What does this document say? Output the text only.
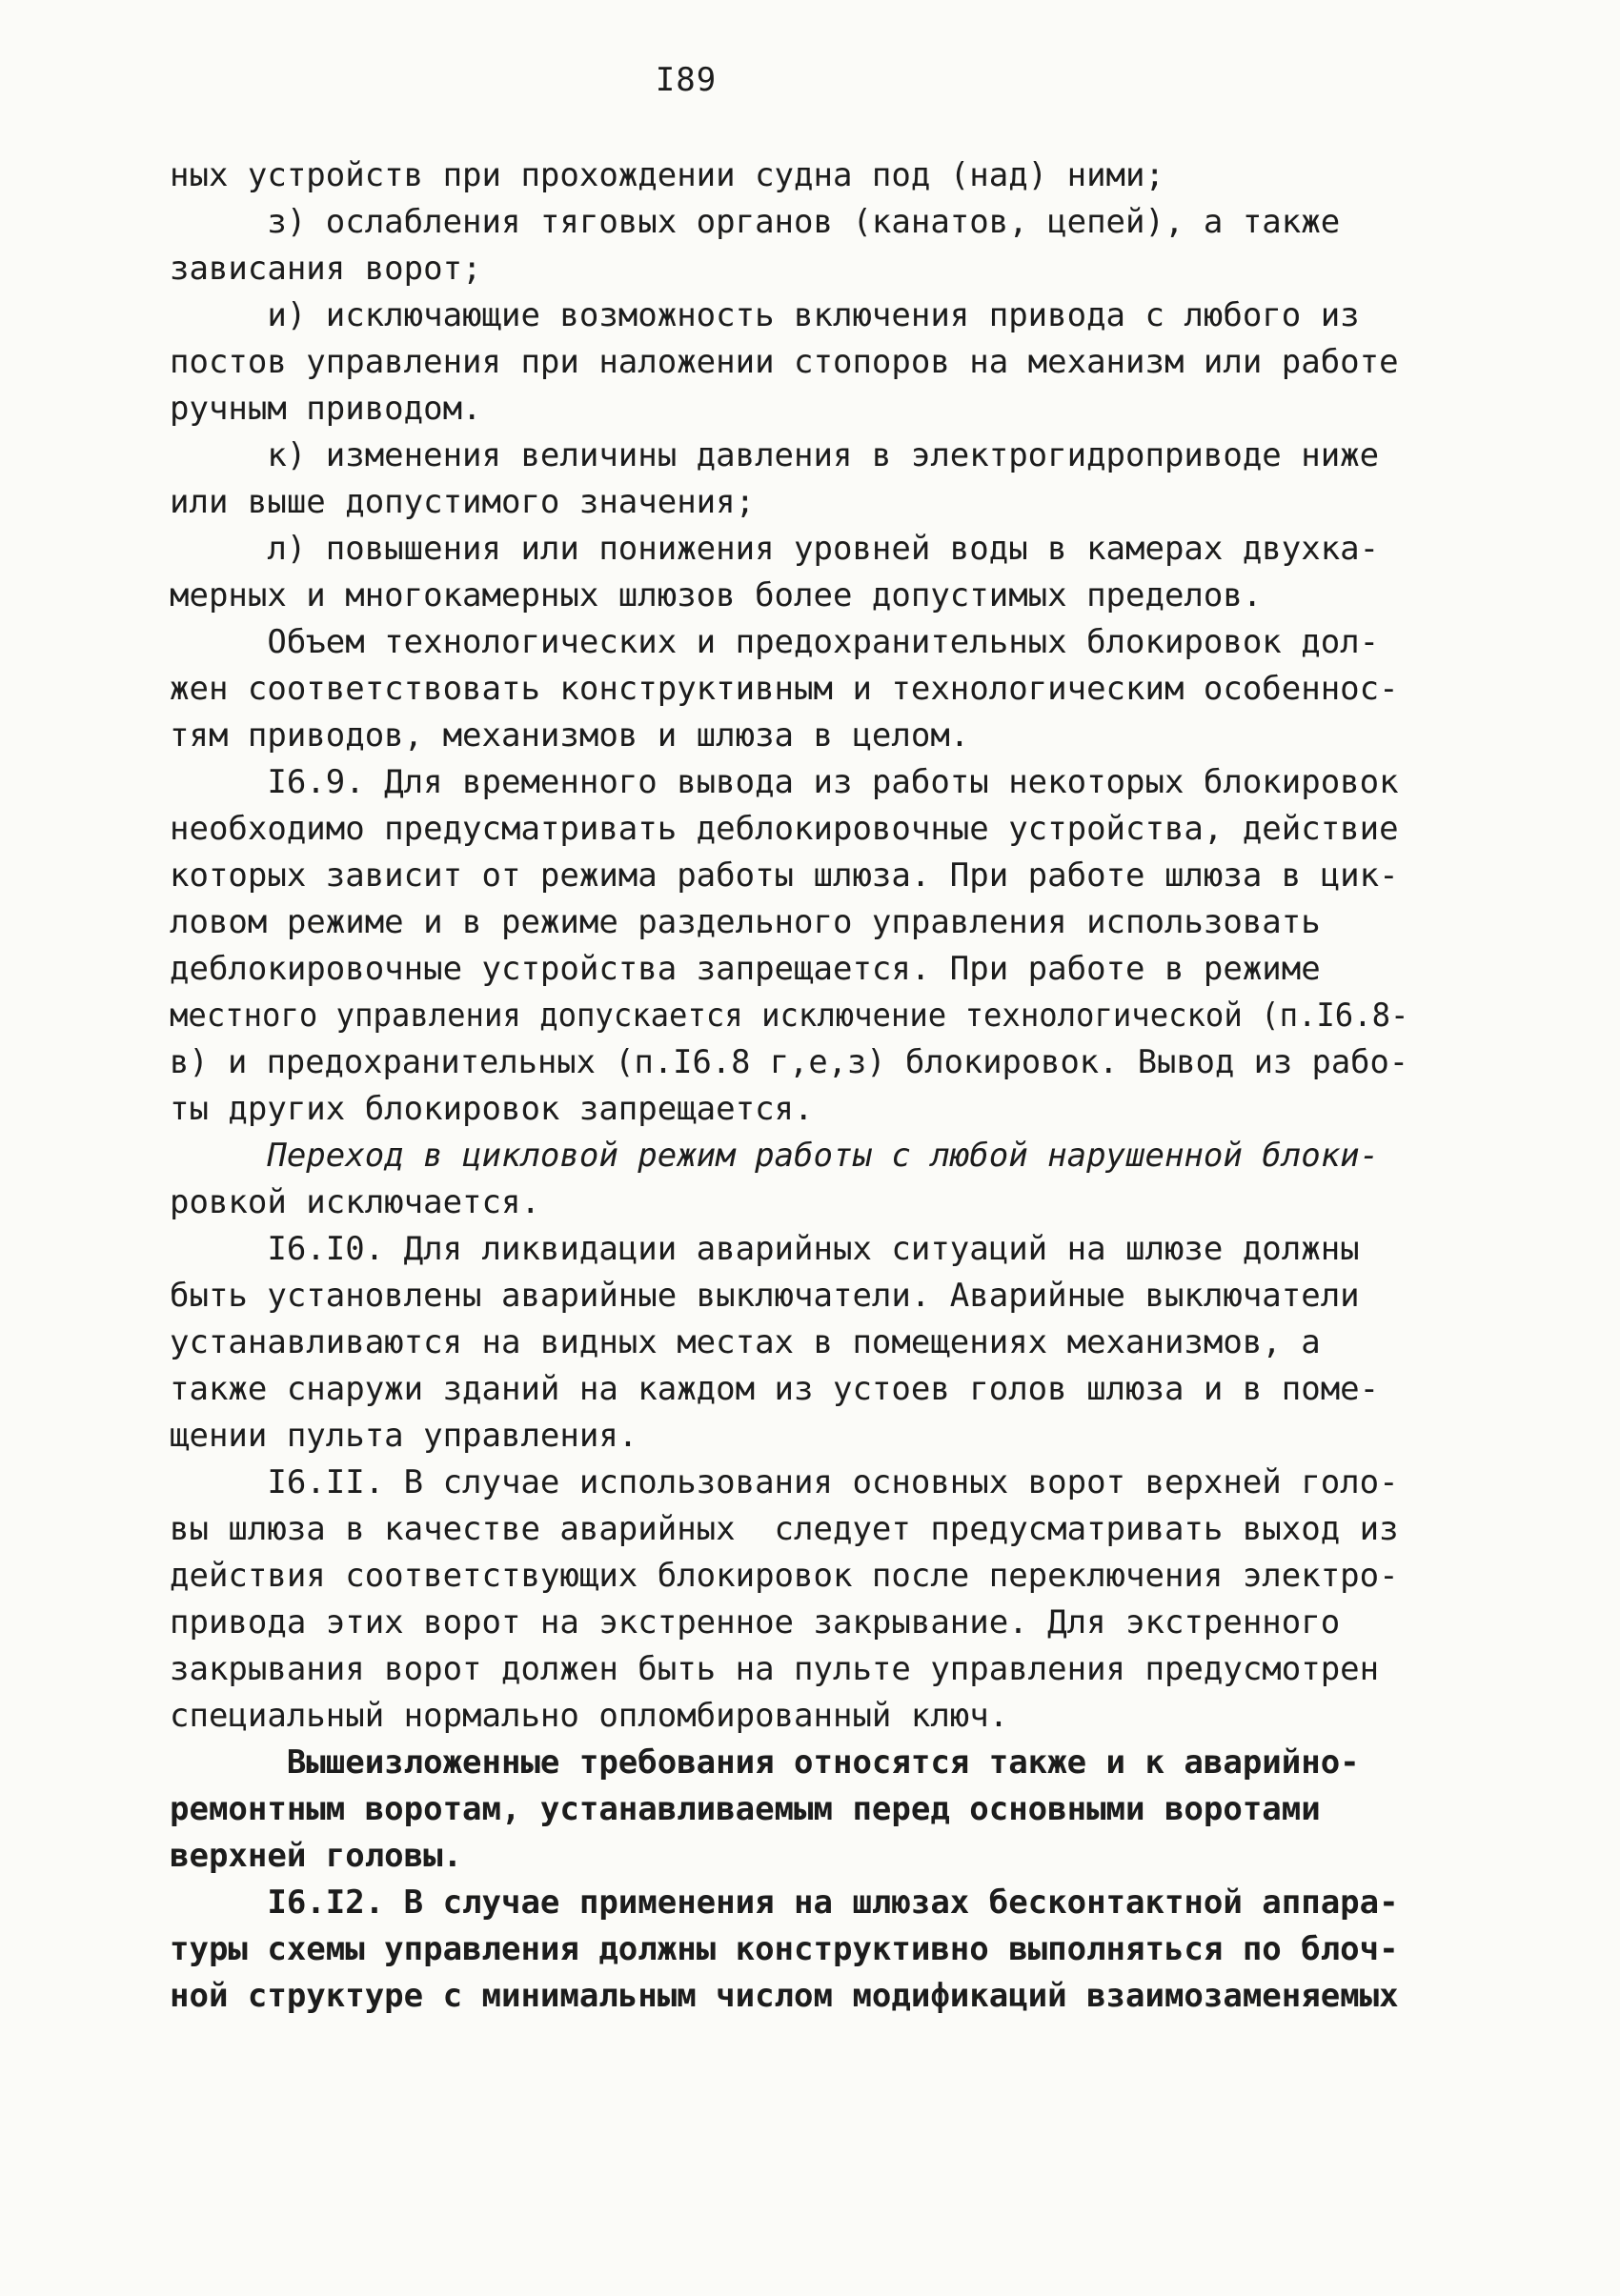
I89
ных устройств при прохождении судна под (над) ними;
з) ослабления тяговых органов (канатов, цепей), а также
зависания ворот;
и) исключающие возможность включения привода с любого из
постов управления при наложении стопоров на механизм или работе
ручным приводом.
к) изменения величины давления в электрогидроприводе ниже
или выше допустимого значения;
л) повышения или понижения уровней воды в камерах двухка-
мерных и многокамерных шлюзов более допустимых пределов.
Объем технологических и предохранительных блокировок дол-
жен соответствовать конструктивным и технологическим особеннос-
тям приводов, механизмов и шлюза в целом.
I6.9. Для временного вывода из работы некоторых блокировок
необходимо предусматривать деблокировочные устройства, действие
которых зависит от режима работы шлюза. При работе шлюза в цик-
ловом режиме и в режиме раздельного управления использовать
деблокировочные устройства запрещается. При работе в режиме
местного управления допускается исключение технологической (п.I6.8-
в) и предохранительных (п.I6.8 г,е,з) блокировок. Вывод из рабо-
ты других блокировок запрещается.
Переход в цикловой режим работы с любой нарушенной блоки-
ровкой исключается.
I6.I0. Для ликвидации аварийных ситуаций на шлюзе должны
быть установлены аварийные выключатели. Аварийные выключатели
устанавливаются на видных местах в помещениях механизмов, а
также снаружи зданий на каждом из устоев голов шлюза и в поме-
щении пульта управления.
I6.II. В случае использования основных ворот верхней голо-
вы шлюза в качестве аварийных  следует предусматривать выход из
действия соответствующих блокировок после переключения электро-
привода этих ворот на экстренное закрывание. Для экстренного
закрывания ворот должен быть на пульте управления предусмотрен
специальный нормально опломбированный ключ.
Вышеизложенные требования относятся также и к аварийно-
ремонтным воротам, устанавливаемым перед основными воротами
верхней головы.
I6.I2. В случае применения на шлюзах бесконтактной аппара-
туры схемы управления должны конструктивно выполняться по блоч-
ной структуре с минимальным числом модификаций взаимозаменяемых
